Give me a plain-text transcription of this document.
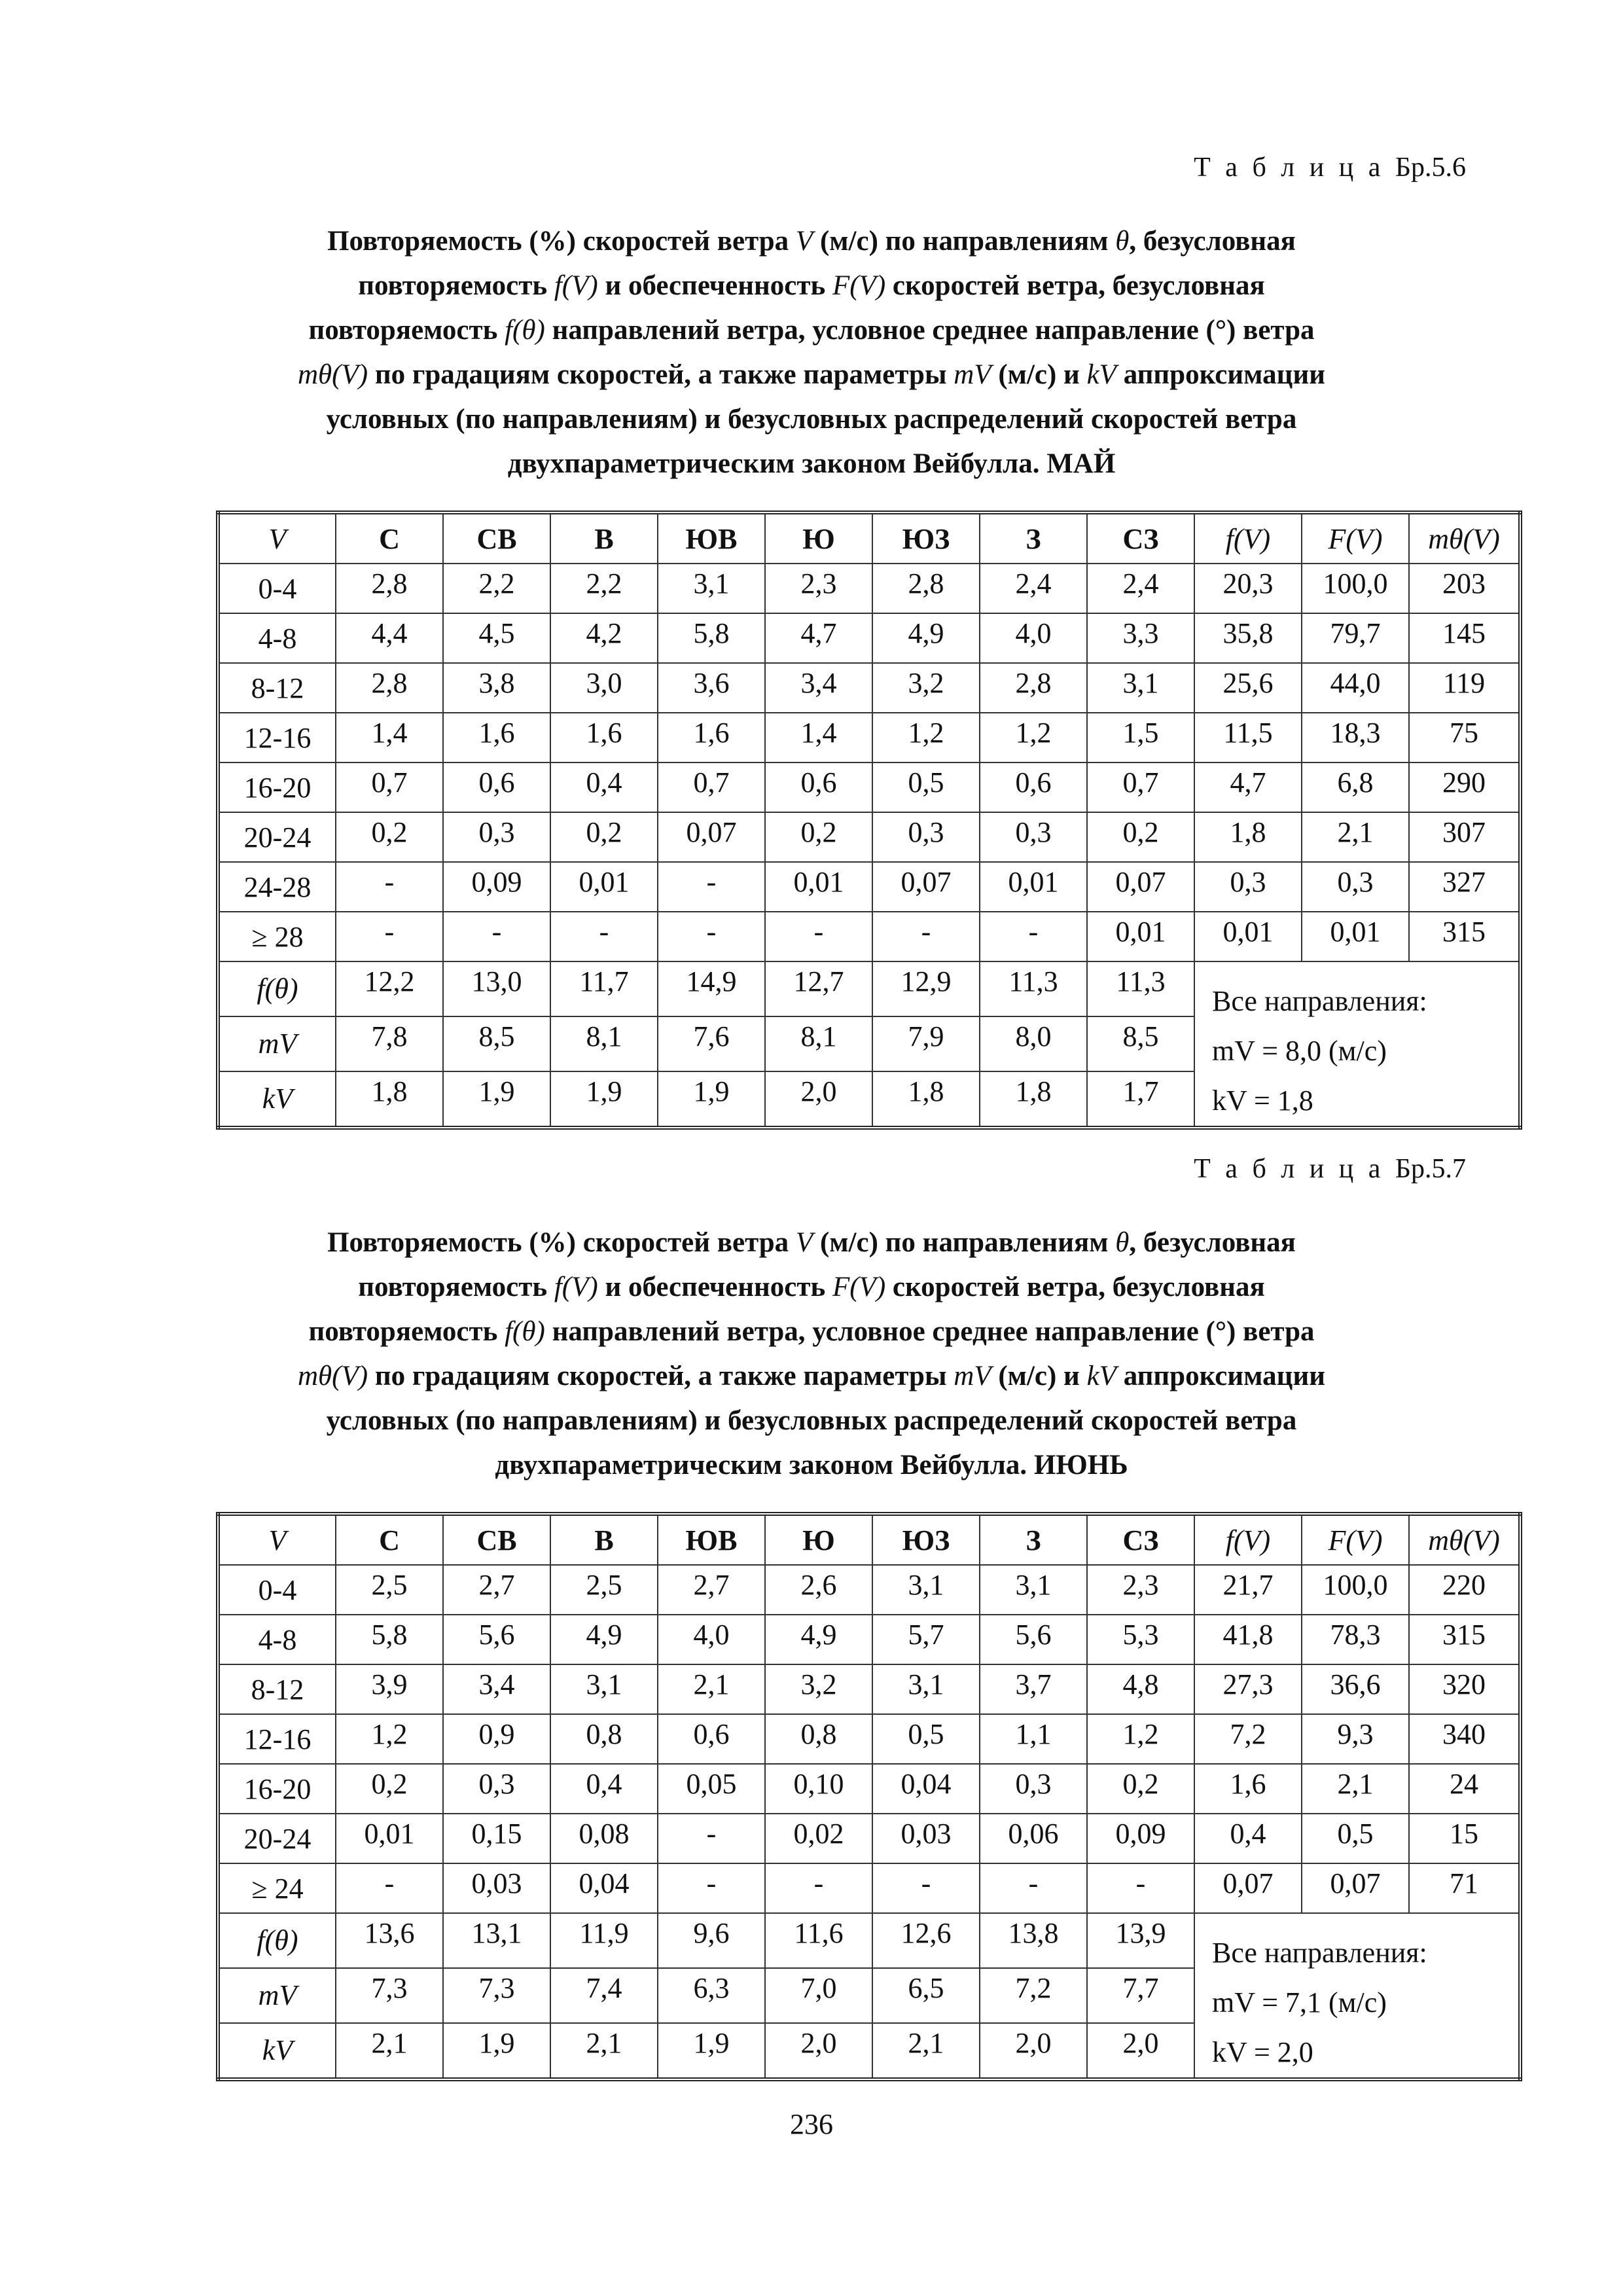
Т а б л и ц а Бр.5.6
Повторяемость (%) скоростей ветра V (м/с) по направлениям θ, безусловная
повторяемость f(V) и обеспеченность F(V) скоростей ветра, безусловная
повторяемость f(θ) направлений ветра, условное среднее направление (°) ветра
mθ(V) по градациям скоростей, а также параметры mV (м/с) и kV аппроксимации
условных (по направлениям) и безусловных распределений скоростей ветра
двухпараметрическим законом Вейбулла. МАЙ
V	С	СВ	В	ЮВ	Ю	ЮЗ	З	СЗ	f(V)	F(V)	mθ(V)
0-4	2,8	2,2	2,2	3,1	2,3	2,8	2,4	2,4	20,3	100,0	203
4-8	4,4	4,5	4,2	5,8	4,7	4,9	4,0	3,3	35,8	79,7	145
8-12	2,8	3,8	3,0	3,6	3,4	3,2	2,8	3,1	25,6	44,0	119
12-16	1,4	1,6	1,6	1,6	1,4	1,2	1,2	1,5	11,5	18,3	75
16-20	0,7	0,6	0,4	0,7	0,6	0,5	0,6	0,7	4,7	6,8	290
20-24	0,2	0,3	0,2	0,07	0,2	0,3	0,3	0,2	1,8	2,1	307
24-28	-	0,09	0,01	-	0,01	0,07	0,01	0,07	0,3	0,3	327
≥ 28	-	-	-	-	-	-	-	0,01	0,01	0,01	315
f(θ)	12,2	13,0	11,7	14,9	12,7	12,9	11,3	11,3	Все направления:
mV = 8,0 (м/с)
kV = 1,8		

mV	7,8	8,5	8,1	7,6	8,1	7,9	8,0	8,5			
kV	1,8	1,9	1,9	1,9	2,0	1,8	1,8	1,7			
Т а б л и ц а Бр.5.7
Повторяемость (%) скоростей ветра V (м/с) по направлениям θ, безусловная
повторяемость f(V) и обеспеченность F(V) скоростей ветра, безусловная
повторяемость f(θ) направлений ветра, условное среднее направление (°) ветра
mθ(V) по градациям скоростей, а также параметры mV (м/с) и kV аппроксимации
условных (по направлениям) и безусловных распределений скоростей ветра
двухпараметрическим законом Вейбулла. ИЮНЬ
V	С	СВ	В	ЮВ	Ю	ЮЗ	З	СЗ	f(V)	F(V)	mθ(V)
0-4	2,5	2,7	2,5	2,7	2,6	3,1	3,1	2,3	21,7	100,0	220
4-8	5,8	5,6	4,9	4,0	4,9	5,7	5,6	5,3	41,8	78,3	315
8-12	3,9	3,4	3,1	2,1	3,2	3,1	3,7	4,8	27,3	36,6	320
12-16	1,2	0,9	0,8	0,6	0,8	0,5	1,1	1,2	7,2	9,3	340
16-20	0,2	0,3	0,4	0,05	0,10	0,04	0,3	0,2	1,6	2,1	24
20-24	0,01	0,15	0,08	-	0,02	0,03	0,06	0,09	0,4	0,5	15
≥ 24	-	0,03	0,04	-	-	-	-	-	0,07	0,07	71
f(θ)	13,6	13,1	11,9	9,6	11,6	12,6	13,8	13,9	Все направления:
mV = 7,1 (м/с)
kV = 2,0		

mV	7,3	7,3	7,4	6,3	7,0	6,5	7,2	7,7			
kV	2,1	1,9	2,1	1,9	2,0	2,1	2,0	2,0			
236
